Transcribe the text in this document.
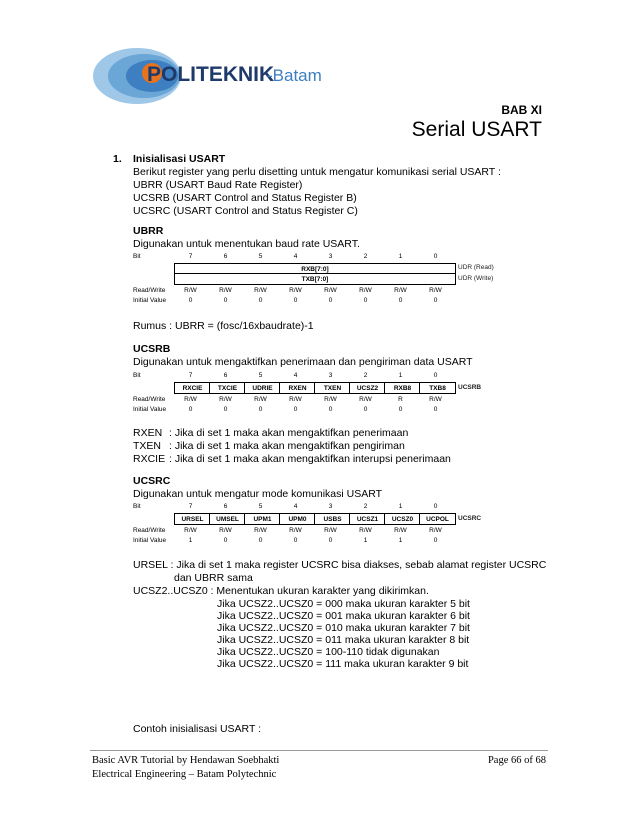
POLITEKNIK
-Batam
BAB XI
Serial USART
1. Inisialisasi USART
Berikut register yang perlu disetting untuk mengatur komunikasi serial USART :
UBRR (USART Baud Rate Register)
UCSRB (USART Control and Status Register B)
UCSRC (USART Control and Status Register C)
UBRR
Digunakan untuk menentukan baud rate USART.
Bit	7	6	5	4	3	2	1	0
RXB[7:0]
TXB[7:0]
UDR (Read)
UDR (Write)
Read/Write
Initial Value
R/W	R/W	R/W	R/W	R/W	R/W	R/W	R/W
0	0	0	0	0	0	0	0
Rumus : UBRR = (fosc/16xbaudrate)-1
UCSRB
Digunakan untuk mengaktifkan penerimaan dan pengiriman data USART
Bit	7	6	5	4	3	2	1	0
RXCIE	TXCIE	UDRIE	RXEN	TXEN	UCSZ2	RXB8	TXB8	UCSRB
Read/Write
Initial Value
R/W	R/W	R/W	R/W	R/W	R/W	R	R/W
0	0	0	0	0	0	0	0
RXEN : Jika di set 1 maka akan mengaktifkan penerimaan
TXEN : Jika di set 1 maka akan mengaktifkan pengiriman
RXCIE : Jika di set 1 maka akan mengaktifkan interupsi penerimaan
UCSRC
Digunakan untuk mengatur mode komunikasi USART
Bit	7	6	5	4	3	2	1	0
URSEL	UMSEL	UPM1	UPM0	USBS	UCSZ1	UCSZ0	UCPOL	UCSRC
Read/Write
Initial Value
R/W	R/W	R/W	R/W	R/W	R/W	R/W	R/W
1	0	0	0	0	1	1	0
URSEL : Jika di set 1 maka register UCSRC bisa diakses, sebab alamat register UCSRC
dan UBRR sama
UCSZ2..UCSZ0 : Menentukan ukuran karakter yang dikirimkan.
Jika UCSZ2..UCSZ0 = 000 maka ukuran karakter 5 bit
Jika UCSZ2..UCSZ0 = 001 maka ukuran karakter 6 bit
Jika UCSZ2..UCSZ0 = 010 maka ukuran karakter 7 bit
Jika UCSZ2..UCSZ0 = 011 maka ukuran karakter 8 bit
Jika UCSZ2..UCSZ0 = 100-110 tidak digunakan
Jika UCSZ2..UCSZ0 = 111 maka ukuran karakter 9 bit
Contoh inisialisasi USART :
Basic AVR Tutorial by Hendawan Soebhakti
Electrical Engineering – Batam Polytechnic
Page 66 of 68
